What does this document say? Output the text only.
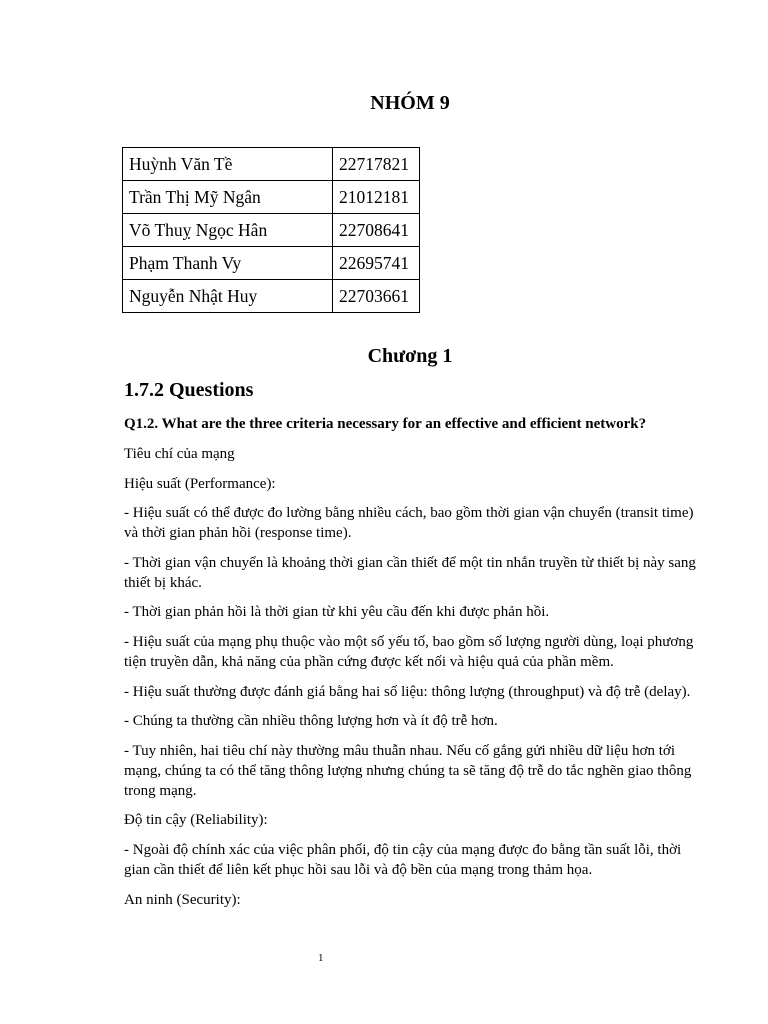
NHÓM 9
Huỳnh Văn Tề	22717821
Trần Thị Mỹ Ngân	21012181
Võ Thuỵ Ngọc Hân	22708641
Phạm Thanh Vy	22695741
Nguyễn Nhật Huy	22703661
Chương 1
1.7.2 Questions

Q1.2. What are the three criteria necessary for an effective and efficient network?

Tiêu chí của mạng

Hiệu suất (Performance):

- Hiệu suất có thể được đo lường bằng nhiều cách, bao gồm thời gian vận chuyển (transit time) và thời gian phản hồi (response time).

- Thời gian vận chuyển là khoảng thời gian cần thiết để một tin nhắn truyền từ thiết bị này sang thiết bị khác.

- Thời gian phản hồi là thời gian từ khi yêu cầu đến khi được phản hồi.

- Hiệu suất của mạng phụ thuộc vào một số yếu tố, bao gồm số lượng người dùng, loại phương tiện truyền dẫn, khả năng của phần cứng được kết nối và hiệu quả của phần mềm.

- Hiệu suất thường được đánh giá bằng hai số liệu: thông lượng (throughput) và độ trễ (delay).

- Chúng ta thường cần nhiều thông lượng hơn và ít độ trễ hơn.

- Tuy nhiên, hai tiêu chí này thường mâu thuẫn nhau. Nếu cố gắng gửi nhiều dữ liệu hơn tới mạng, chúng ta có thể tăng thông lượng nhưng chúng ta sẽ tăng độ trễ do tắc nghẽn giao thông trong mạng.

Độ tin cậy (Reliability):

- Ngoài độ chính xác của việc phân phối, độ tin cậy của mạng được đo bằng tần suất lỗi, thời gian cần thiết để liên kết phục hồi sau lỗi và độ bền của mạng trong thảm họa.

An ninh (Security):

1
